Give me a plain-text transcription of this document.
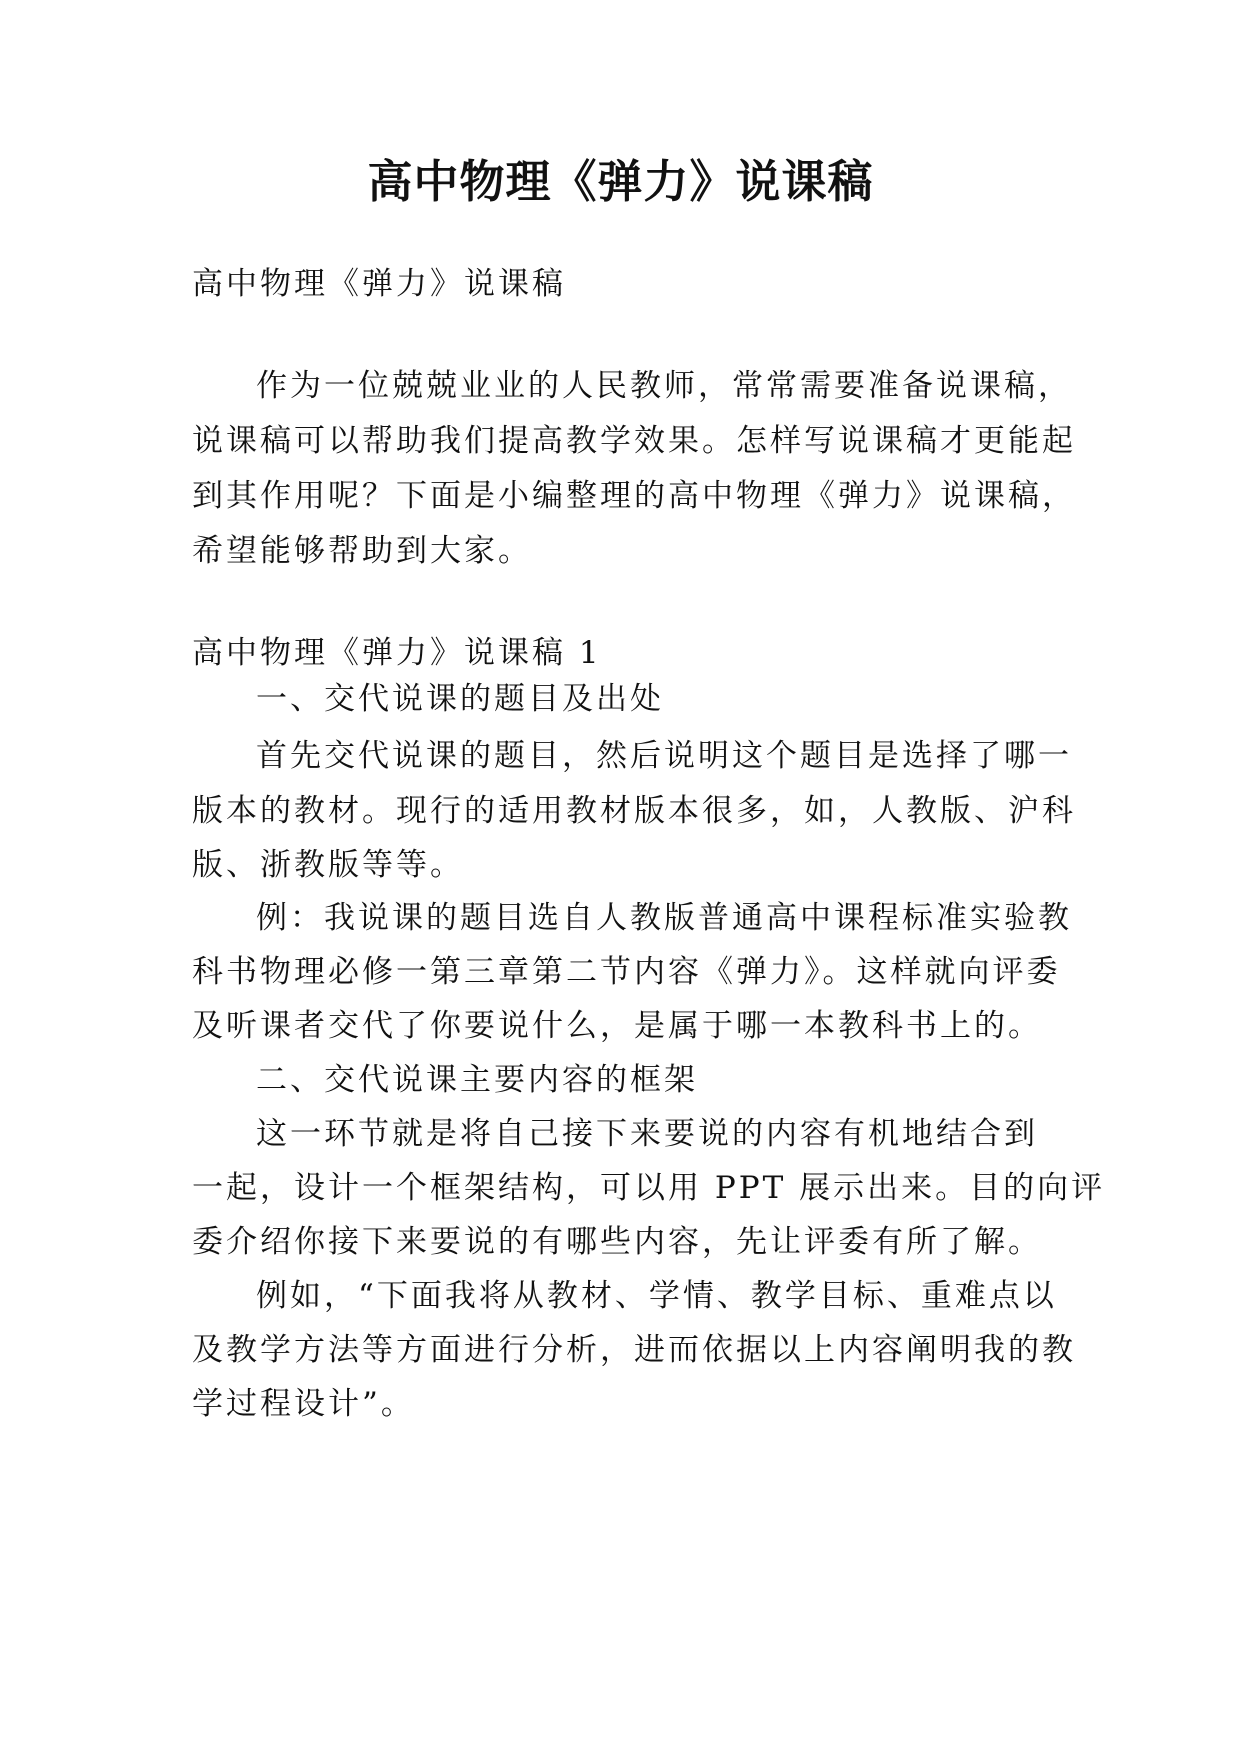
高中物理《弹力》说课稿
高中物理《弹力》说课稿
作为一位兢兢业业的人民教师，常常需要准备说课稿，
说课稿可以帮助我们提高教学效果。怎样写说课稿才更能起
到其作用呢？下面是小编整理的高中物理《弹力》说课稿，
希望能够帮助到大家。
高中物理《弹力》说课稿 1
一、交代说课的题目及出处
首先交代说课的题目，然后说明这个题目是选择了哪一
版本的教材。现行的适用教材版本很多，如，人教版、沪科
版、浙教版等等。
例：我说课的题目选自人教版普通高中课程标准实验教
科书物理必修一第三章第二节内容《弹力》。这样就向评委
及听课者交代了你要说什么，是属于哪一本教科书上的。
二、交代说课主要内容的框架
这一环节就是将自己接下来要说的内容有机地结合到
一起，设计一个框架结构，可以用 PPT 展示出来。目的向评
委介绍你接下来要说的有哪些内容，先让评委有所了解。
例如，“下面我将从教材、学情、教学目标、重难点以
及教学方法等方面进行分析，进而依据以上内容阐明我的教
学过程设计”。
